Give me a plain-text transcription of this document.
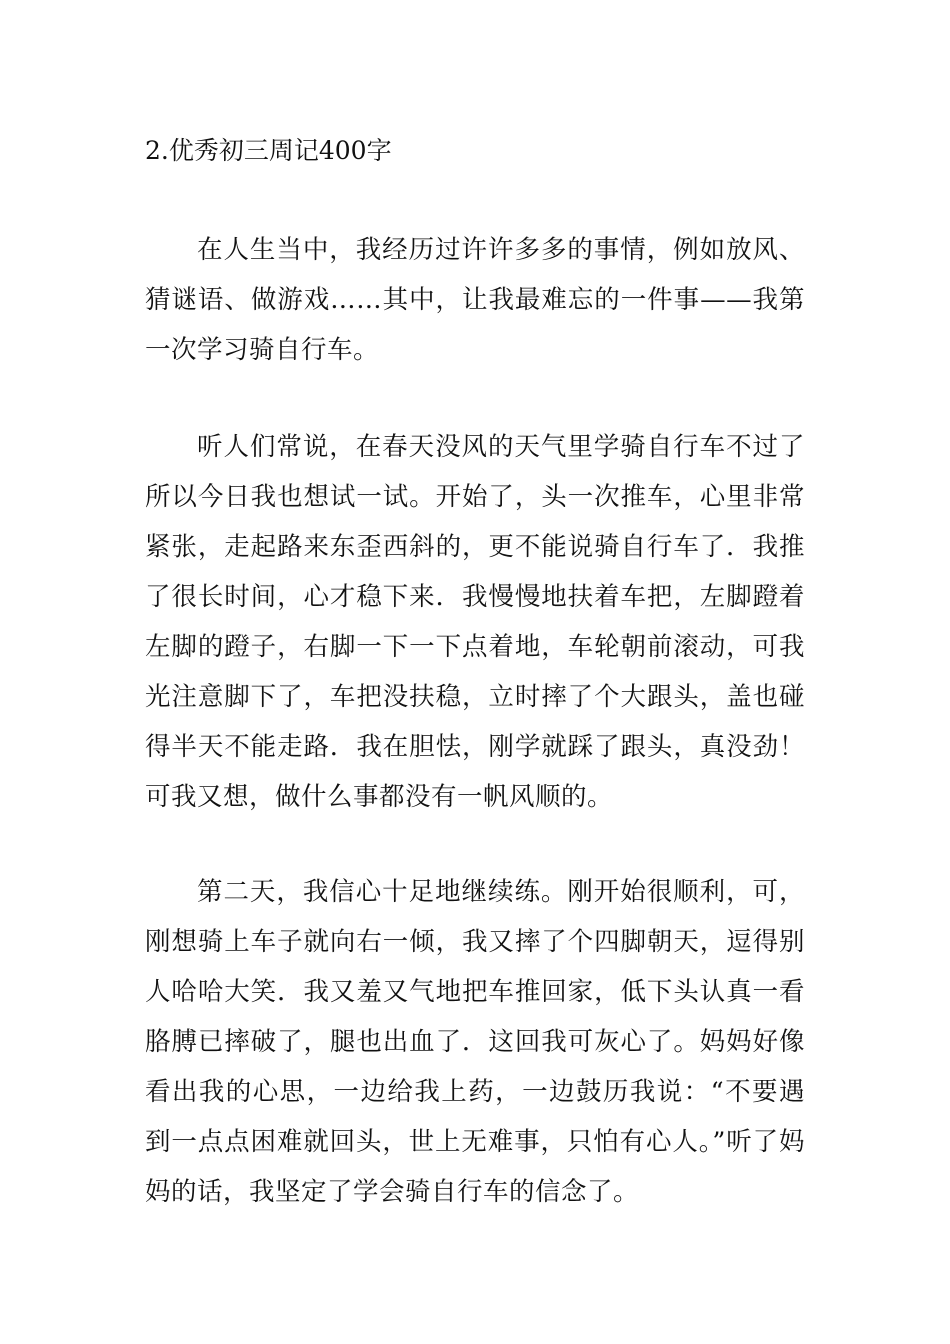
2.优秀初三周记400字

在人生当中，我经历过许许多多的事情，例如放风、猜谜语、做游戏……其中，让我最难忘的一件事——我第一次学习骑自行车。

听人们常说，在春天没风的天气里学骑自行车不过了所以今日我也想试一试。开始了，头一次推车，心里非常紧张，走起路来东歪西斜的，更不能说骑自行车了．我推了很长时间，心才稳下来．我慢慢地扶着车把，左脚蹬着左脚的蹬子，右脚一下一下点着地，车轮朝前滚动，可我光注意脚下了，车把没扶稳，立时摔了个大跟头，盖也碰得半天不能走路．我在胆怯，刚学就踩了跟头，真没劲！可我又想，做什么事都没有一帆风顺的。

第二天，我信心十足地继续练。刚开始很顺利，可，刚想骑上车子就向右一倾，我又摔了个四脚朝天，逗得别人哈哈大笑．我又羞又气地把车推回家，低下头认真一看胳膊已摔破了，腿也出血了．这回我可灰心了。妈妈好像看出我的心思，一边给我上药，一边鼓历我说：“不要遇到一点点困难就回头，世上无难事，只怕有心人。”听了妈妈的话，我坚定了学会骑自行车的信念了。
